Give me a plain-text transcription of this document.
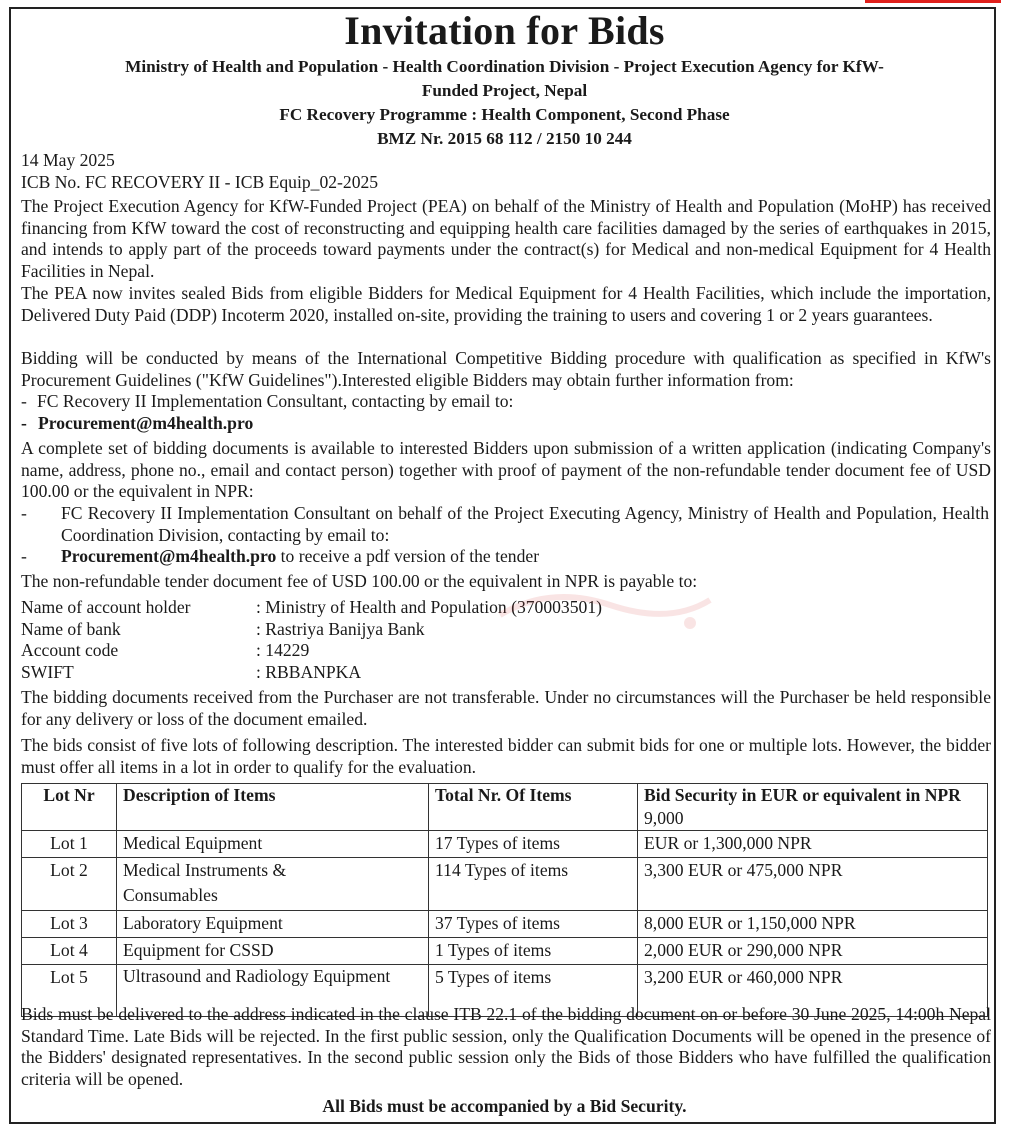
Invitation for Bids
Ministry of Health and Population - Health Coordination Division - Project Execution Agency for KfW-
Funded Project, Nepal
FC Recovery Programme : Health Component, Second Phase
BMZ Nr. 2015 68 112 / 2150 10 244
14 May 2025
ICB No. FC RECOVERY II - ICB Equip_02-2025
The Project Execution Agency for KfW-Funded Project (PEA) on behalf of the Ministry of Health and Population (MoHP) has received financing from KfW toward the cost of reconstructing and equipping health care facilities damaged by the series of earthquakes in 2015, and intends to apply part of the proceeds toward payments under the contract(s) for Medical and non-medical Equipment for 4 Health Facilities in Nepal.
The PEA now invites sealed Bids from eligible Bidders for Medical Equipment for 4 Health Facilities, which include the importation, Delivered Duty Paid (DDP) Incoterm 2020, installed on-site, providing the training to users and covering 1 or 2 years guarantees.
Bidding will be conducted by means of the International Competitive Bidding procedure with qualification as specified in KfW's Procurement Guidelines ("KfW Guidelines").Interested eligible Bidders may obtain further information from:
- FC Recovery II Implementation Consultant, contacting by email to:
- Procurement@m4health.pro
A complete set of bidding documents is available to interested Bidders upon submission of a written application (indicating Company's name, address, phone no., email and contact person) together with proof of payment of the non-refundable tender document fee of USD 100.00 or the equivalent in NPR:
- FC Recovery II Implementation Consultant on behalf of the Project Executing Agency, Ministry of Health and Population, Health Coordination Division, contacting by email to:
- Procurement@m4health.pro to receive a pdf version of the tender
The non-refundable tender document fee of USD 100.00 or the equivalent in NPR is payable to:
Name of account holder	: Ministry of Health and Population (370003501)
Name of bank	: Rastriya Banijya Bank
Account code	: 14229
SWIFT	: RBBANPKA
The bidding documents received from the Purchaser are not transferable. Under no circumstances will the Purchaser be held responsible for any delivery or loss of the document emailed.
The bids consist of five lots of following description. The interested bidder can submit bids for one or multiple lots. However, the bidder must offer all items in a lot in order to qualify for the evaluation.
Lot Nr	Description of Items	Total Nr. Of Items	Bid Security in EUR or equivalent in NPR 9,000
Lot 1	Medical Equipment	17 Types of items	EUR or 1,300,000 NPR
Lot 2	Medical Instruments & Consumables	114 Types of items	3,300 EUR or 475,000 NPR
Lot 3	Laboratory Equipment	37 Types of items	8,000 EUR or 1,150,000 NPR
Lot 4	Equipment for CSSD	1 Types of items	2,000 EUR or 290,000 NPR
Lot 5	Ultrasound and Radiology Equipment	5 Types of items	3,200 EUR or 460,000 NPR
Bids must be delivered to the address indicated in the clause ITB 22.1 of the bidding document on or before 30 June 2025, 14:00h Nepal Standard Time. Late Bids will be rejected. In the first public session, only the Qualification Documents will be opened in the presence of the Bidders' designated representatives. In the second public session only the Bids of those Bidders who have fulfilled the qualification criteria will be opened.
All Bids must be accompanied by a Bid Security.
